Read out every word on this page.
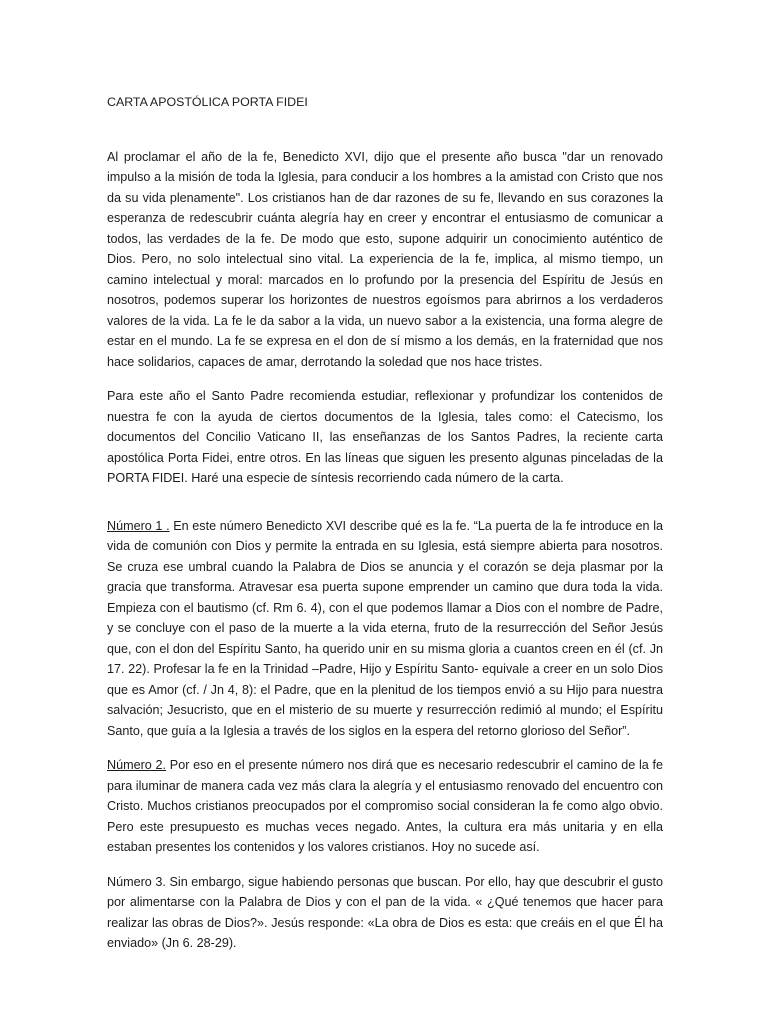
CARTA APOSTÓLICA PORTA FIDEI

Al proclamar el año de la fe, Benedicto XVI, dijo que el presente año busca "dar un renovado impulso a la misión de toda la Iglesia, para conducir a los hombres a la amistad con Cristo que nos da su vida plenamente". Los cristianos han de dar razones de su fe, llevando en sus corazones la esperanza de redescubrir cuánta alegría hay en creer y encontrar el entusiasmo de comunicar a todos, las verdades de la fe. De modo que esto, supone adquirir un conocimiento auténtico de Dios. Pero, no solo intelectual sino vital. La experiencia de la fe, implica, al mismo tiempo, un camino intelectual y moral: marcados en lo profundo por la presencia del Espíritu de Jesús en nosotros, podemos superar los horizontes de nuestros egoísmos para abrirnos a los verdaderos valores de la vida. La fe le da sabor a la vida, un nuevo sabor a la existencia, una forma alegre de estar en el mundo. La fe se expresa en el don de sí mismo a los demás, en la fraternidad que nos hace solidarios, capaces de amar, derrotando la soledad que nos hace tristes.

Para este año el Santo Padre recomienda estudiar, reflexionar y profundizar los contenidos de nuestra fe con la ayuda de ciertos documentos de la Iglesia, tales como: el Catecismo, los documentos del Concilio Vaticano II, las enseñanzas de los Santos Padres, la reciente carta apostólica Porta Fidei, entre otros. En las líneas que siguen les presento algunas pinceladas de la PORTA FIDEI. Haré una especie de síntesis recorriendo cada número de la carta.

Número 1 . En este número Benedicto XVI describe qué es la fe. “La puerta de la fe introduce en la vida de comunión con Dios y permite la entrada en su Iglesia, está siempre abierta para nosotros. Se cruza ese umbral cuando la Palabra de Dios se anuncia y el corazón se deja plasmar por la gracia que transforma. Atravesar esa puerta supone emprender un camino que dura toda la vida. Empieza con el bautismo (cf. Rm 6. 4), con el que podemos llamar a Dios con el nombre de Padre, y se concluye con el paso de la muerte a la vida eterna, fruto de la resurrección del Señor Jesús que, con el don del Espíritu Santo, ha querido unir en su misma gloria a cuantos creen en él (cf. Jn 17. 22). Profesar la fe en la Trinidad –Padre, Hijo y Espíritu Santo- equivale a creer en un solo Dios que es Amor (cf. / Jn 4, 8): el Padre, que en la plenitud de los tiempos envió a su Hijo para nuestra salvación; Jesucristo, que en el misterio de su muerte y resurrección redimió al mundo; el Espíritu Santo, que guía a la Iglesia a través de los siglos en la espera del retorno glorioso del Señor”.

Número 2. Por eso en el presente número nos dirá que es necesario redescubrir el camino de la fe para iluminar de manera cada vez más clara la alegría y el entusiasmo renovado del encuentro con Cristo. Muchos cristianos preocupados por el compromiso social consideran la fe como algo obvio. Pero este presupuesto es muchas veces negado. Antes, la cultura era más unitaria y en ella estaban presentes los contenidos y los valores cristianos. Hoy no sucede así.

Número 3. Sin embargo, sigue habiendo personas que buscan. Por ello, hay que descubrir el gusto por alimentarse con la Palabra de Dios y con el pan de la vida. « ¿Qué tenemos que hacer para realizar las obras de Dios?». Jesús responde: «La obra de Dios es esta: que creáis en el que Él ha enviado» (Jn 6. 28-29).
